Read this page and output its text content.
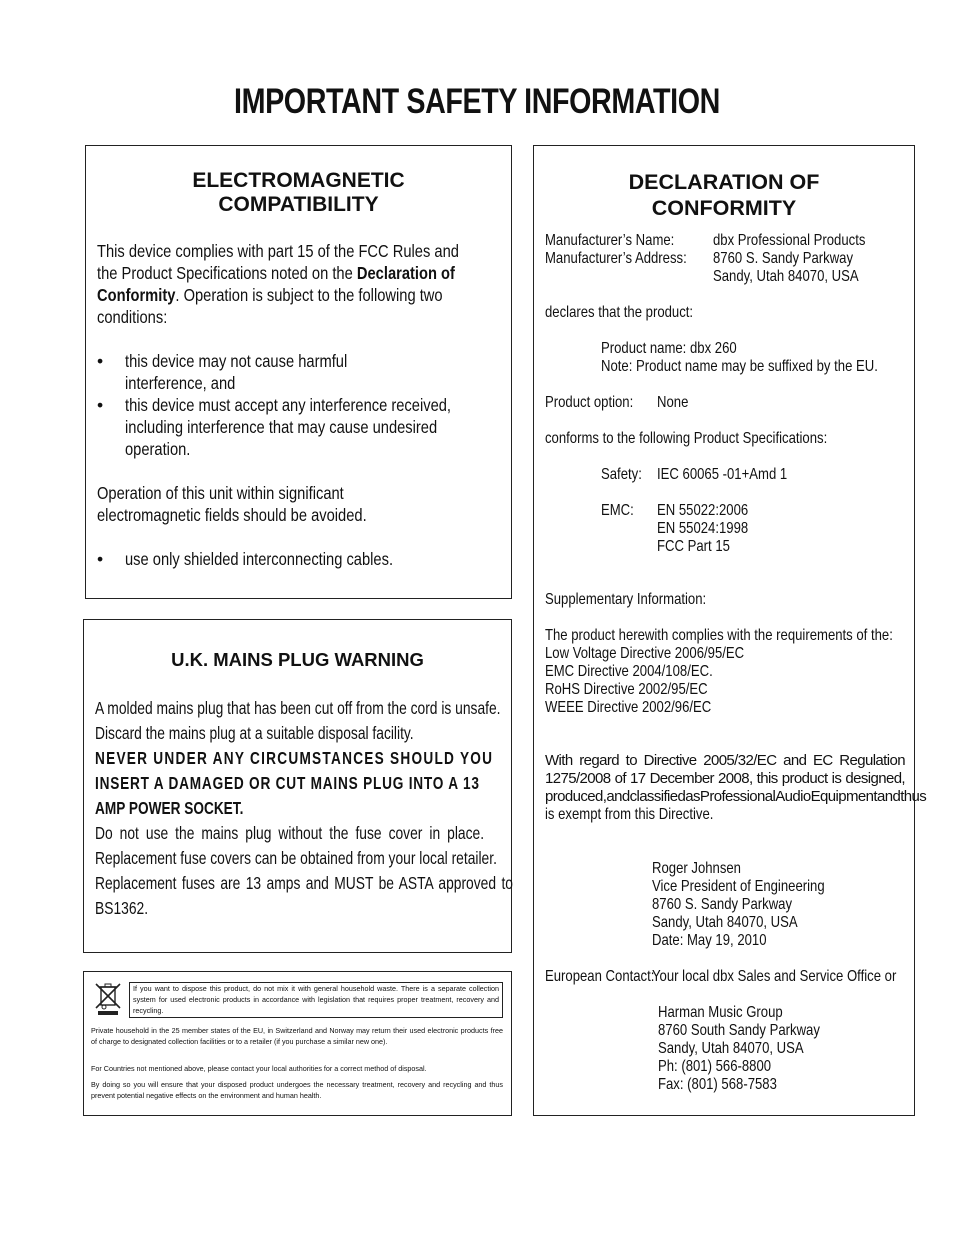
IMPORTANT SAFETY INFORMATION
ELECTROMAGNETIC
COMPATIBILITY
This device complies with part 15 of the FCC Rules and
the Product Specifications noted on the Declaration of
Conformity. Operation is subject to the following two
conditions:
• this device may not cause harmful
interference, and
• this device must accept any interference received,
including interference that may cause undesired
operation.
Operation of this unit within significant
electromagnetic fields should be avoided.
• use only shielded interconnecting cables.
U.K. MAINS PLUG WARNING
A molded mains plug that has been cut off from the cord is unsafe.
Discard the mains plug at a suitable disposal facility.
NEVER UNDER ANY CIRCUMSTANCES SHOULD YOU
INSERT A DAMAGED OR CUT MAINS PLUG INTO A 13
AMP POWER SOCKET.
Do not use the mains plug without the fuse cover in place.
Replacement fuse covers can be obtained from your local retailer.
Replacement fuses are 13 amps and MUST be ASTA approved to
BS1362.
If you want to dispose this product, do not mix it with general household waste. There is a separate collection system for used electronic products in accordance with legislation that requires proper treatment, recovery and recycling.
Private household in the 25 member states of the EU, in Switzerland and Norway may return their used electronic products free of charge to designated collection facilities or to a retailer (if you purchase a similar new one).
For Countries not mentioned above, please contact your local authorities for a correct method of disposal.
By doing so you will ensure that your disposed product undergoes the necessary treatment, recovery and recycling and thus prevent potential negative effects on the environment and human health.
DECLARATION OF
CONFORMITY
Manufacturer’s Name:	dbx Professional Products
Manufacturer’s Address:	8760 S. Sandy Parkway
Sandy, Utah 84070, USA
declares that the product:
Product name: dbx 260
Note: Product name may be suffixed by the EU.
Product option:	None
conforms to the following Product Specifications:
Safety: IEC 60065 -01+Amd 1
EMC:	EN 55022:2006
EN 55024:1998
FCC Part 15
Supplementary Information:
The product herewith complies with the requirements of the:
Low Voltage Directive 2006/95/EC
EMC Directive 2004/108/EC.
RoHS Directive 2002/95/EC
WEEE Directive 2002/96/EC
With regard to Directive 2005/32/EC and EC Regulation
1275/2008 of 17 December 2008, this product is designed,
produced, and classified as Professional Audio Equipment and thus
is exempt from this Directive.
Roger Johnsen
Vice President of Engineering
8760 S. Sandy Parkway
Sandy, Utah 84070, USA
Date: May 19, 2010
European Contact:
Your local dbx Sales and Service Office or
Harman Music Group
8760 South Sandy Parkway
Sandy, Utah 84070, USA
Ph: (801) 566-8800
Fax: (801) 568-7583
